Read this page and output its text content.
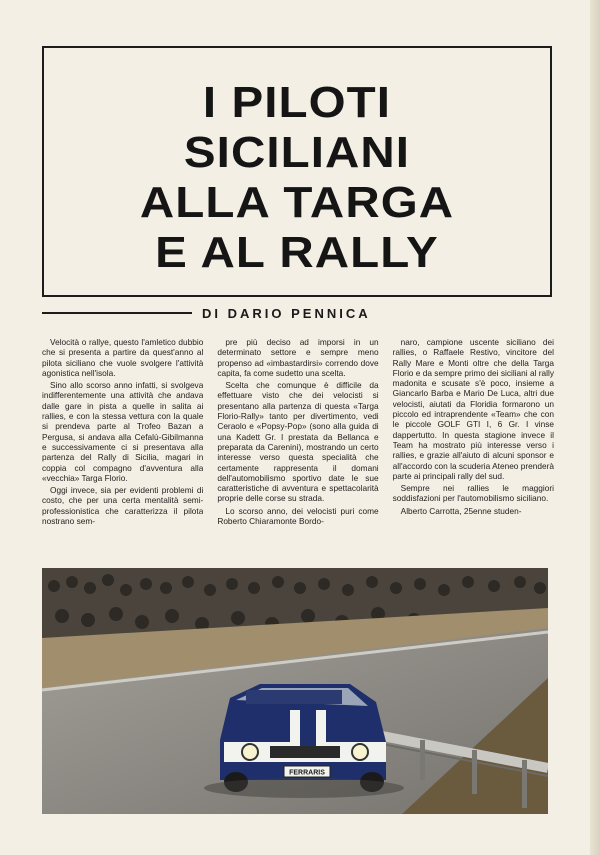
I PILOTI
SICILIANI
ALLA TARGA
E AL RALLY
DI DARIO PENNICA

Velocità o rallye, questo l'amletico dubbio che si presenta a partire da quest'anno al pilota siciliano che vuole svolgere l'attività agonistica nell'isola.

Sino allo scorso anno infatti, si svolgeva indifferentemente una attività che andava dalle gare in pista a quelle in salita ai rallies, e con la stessa vettura con la quale si prendeva parte al Trofeo Bazan a Pergusa, si andava alla Cefalù-Gibilmanna e successivamente ci si presentava alla partenza del Rally di Sicilia, magari in coppia col compagno d'avventura alla «vecchia» Targa Florio.

Oggi invece, sia per evidenti problemi di costo, che per una certa mentalità semi-professionistica che caratterizza il pilota nostrano sem-

pre più deciso ad imporsi in un determinato settore e sempre meno propenso ad «imbastardirsi» correndo dove capita, fa come sudetto una scelta.

Scelta che comunque è difficile da effettuare visto che dei velocisti si presentano alla partenza di questa «Targa Florio-Rally» tanto per divertimento, vedi Ceraolo e «Popsy-Pop» (sono alla guida di una Kadett Gr. I prestata da Bellanca e preparata da Carenini), mostrando un certo interesse verso questa specialità che certamente rappresenta il domani dell'automobilismo sportivo date le sue caratteristiche di avventura e spettacolarità proprie delle corse su strada.

Lo scorso anno, dei velocisti puri come Roberto Chiaramonte Bordo-

naro, campione uscente siciliano dei rallies, o Raffaele Restivo, vincitore del Rally Mare e Monti oltre che della Targa Florio e da sempre primo dei siciliani al rally madonita e scusate s'è poco, insieme a Giancarlo Barba e Mario De Luca, altri due velocisti, aiutati da Floridia formarono un piccolo ed intraprendente «Team» che con le piccole GOLF GTI I, 6 Gr. I vinse dappertutto. In questa stagione invece il Team ha mostrato più interesse verso i rallies, e grazie all'aiuto di alcuni sponsor e all'accordo con la scuderia Ateneo prenderà parte ai principali rally del sud.

Sempre nei rallies le maggiori soddisfazioni per l'automobilismo siciliano.

Alberto Carrotta, 25enne studen-

FERRARIS
